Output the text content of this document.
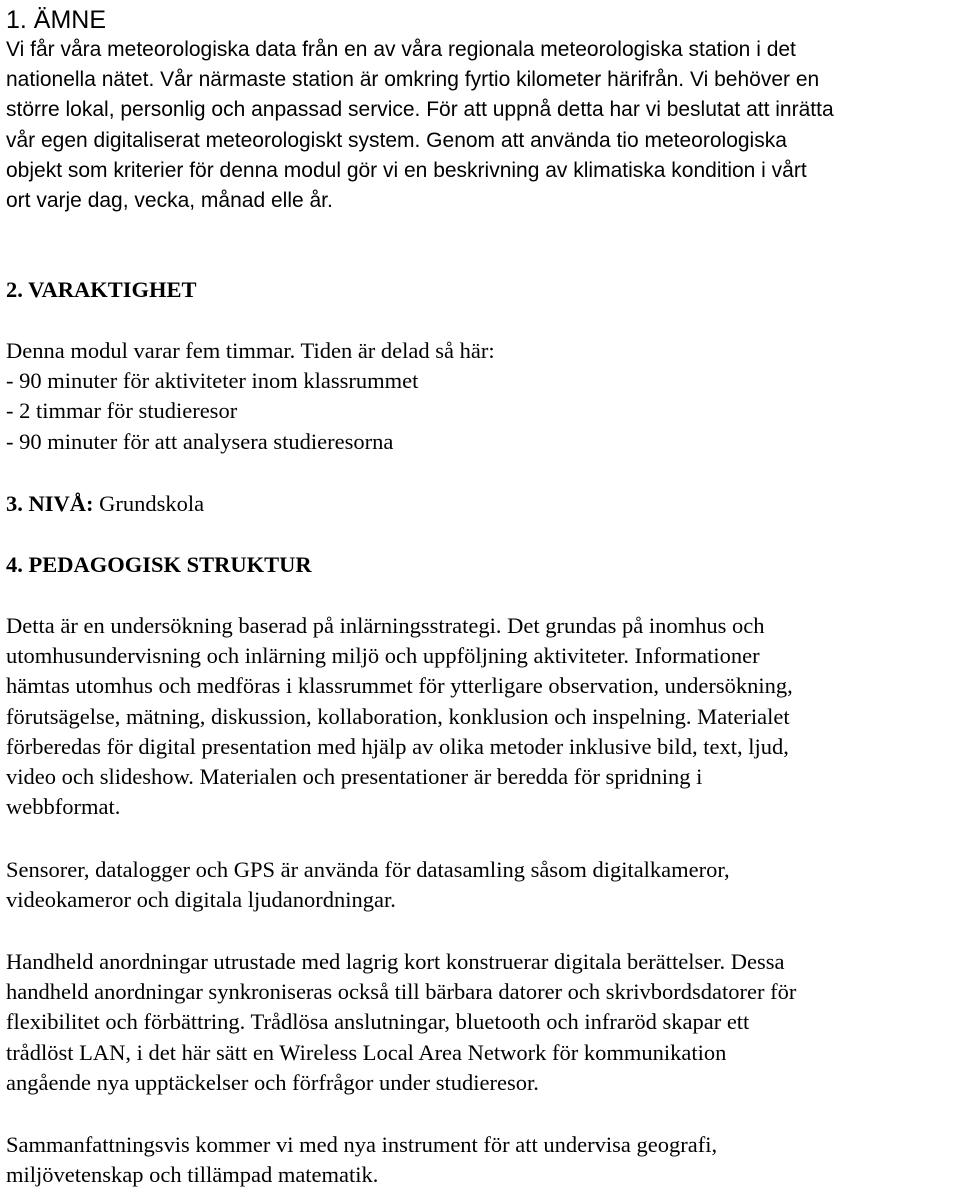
1. ÄMNE
Vi får våra meteorologiska data från en av våra regionala meteorologiska station i det
nationella nätet. Vår närmaste station är omkring fyrtio kilometer härifrån. Vi behöver en
större lokal, personlig och anpassad service. För att uppnå detta har vi beslutat att inrätta
vår egen digitaliserat meteorologiskt system. Genom att använda tio meteorologiska
objekt som kriterier för denna modul gör vi en beskrivning av klimatiska kondition i vårt
ort varje dag, vecka, månad elle år.
2. VARAKTIGHET
Denna modul varar fem timmar. Tiden är delad så här:
- 90 minuter för aktiviteter inom klassrummet
- 2 timmar för studieresor
- 90 minuter för att analysera studieresorna
3. NIVÅ: Grundskola
4. PEDAGOGISK STRUKTUR
Detta är en undersökning baserad på inlärningsstrategi. Det grundas på inomhus och
utomhusundervisning och inlärning miljö och uppföljning aktiviteter. Informationer
hämtas utomhus och medföras i klassrummet för ytterligare observation, undersökning,
förutsägelse, mätning, diskussion, kollaboration, konklusion och inspelning. Materialet
förberedas för digital presentation med hjälp av olika metoder inklusive bild, text, ljud,
video och slideshow. Materialen och presentationer är beredda för spridning i
webbformat.
Sensorer, datalogger och GPS är använda för datasamling såsom digitalkameror,
videokameror och digitala ljudanordningar.
Handheld anordningar utrustade med lagrig kort konstruerar digitala berättelser. Dessa
handheld anordningar synkroniseras också till bärbara datorer och skrivbordsdatorer för
flexibilitet och förbättring. Trådlösa anslutningar, bluetooth och infraröd skapar ett
trådlöst LAN, i det här sätt en Wireless Local Area Network för kommunikation
angående nya upptäckelser och förfrågor under studieresor.
Sammanfattningsvis kommer vi med nya instrument för att undervisa geografi,
miljövetenskap och tillämpad matematik.
